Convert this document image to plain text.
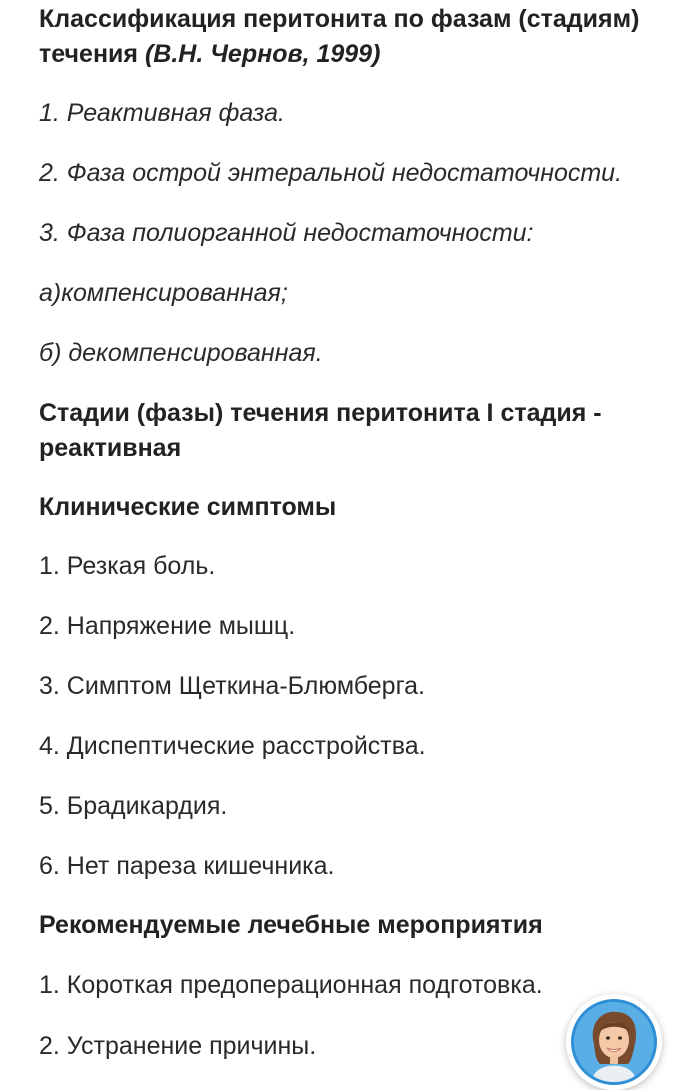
Классификация перитонита по фазам (стадиям) течения (В.Н. Чернов, 1999)

1. Реактивная фаза.

2. Фаза острой энтеральной недостаточности.

3. Фаза полиорганной недостаточности:

а)компенсированная;

б) декомпенсированная.

Стадии (фазы) течения перитонита I стадия - реактивная

Клинические симптомы

1. Резкая боль.

2. Напряжение мышц.

3. Симптом Щеткина-Блюмберга.

4. Диспептические расстройства.

5. Брадикардия.

6. Нет пареза кишечника.

Рекомендуемые лечебные мероприятия

1. Короткая предоперационная подготовка.

2. Устранение причины.
